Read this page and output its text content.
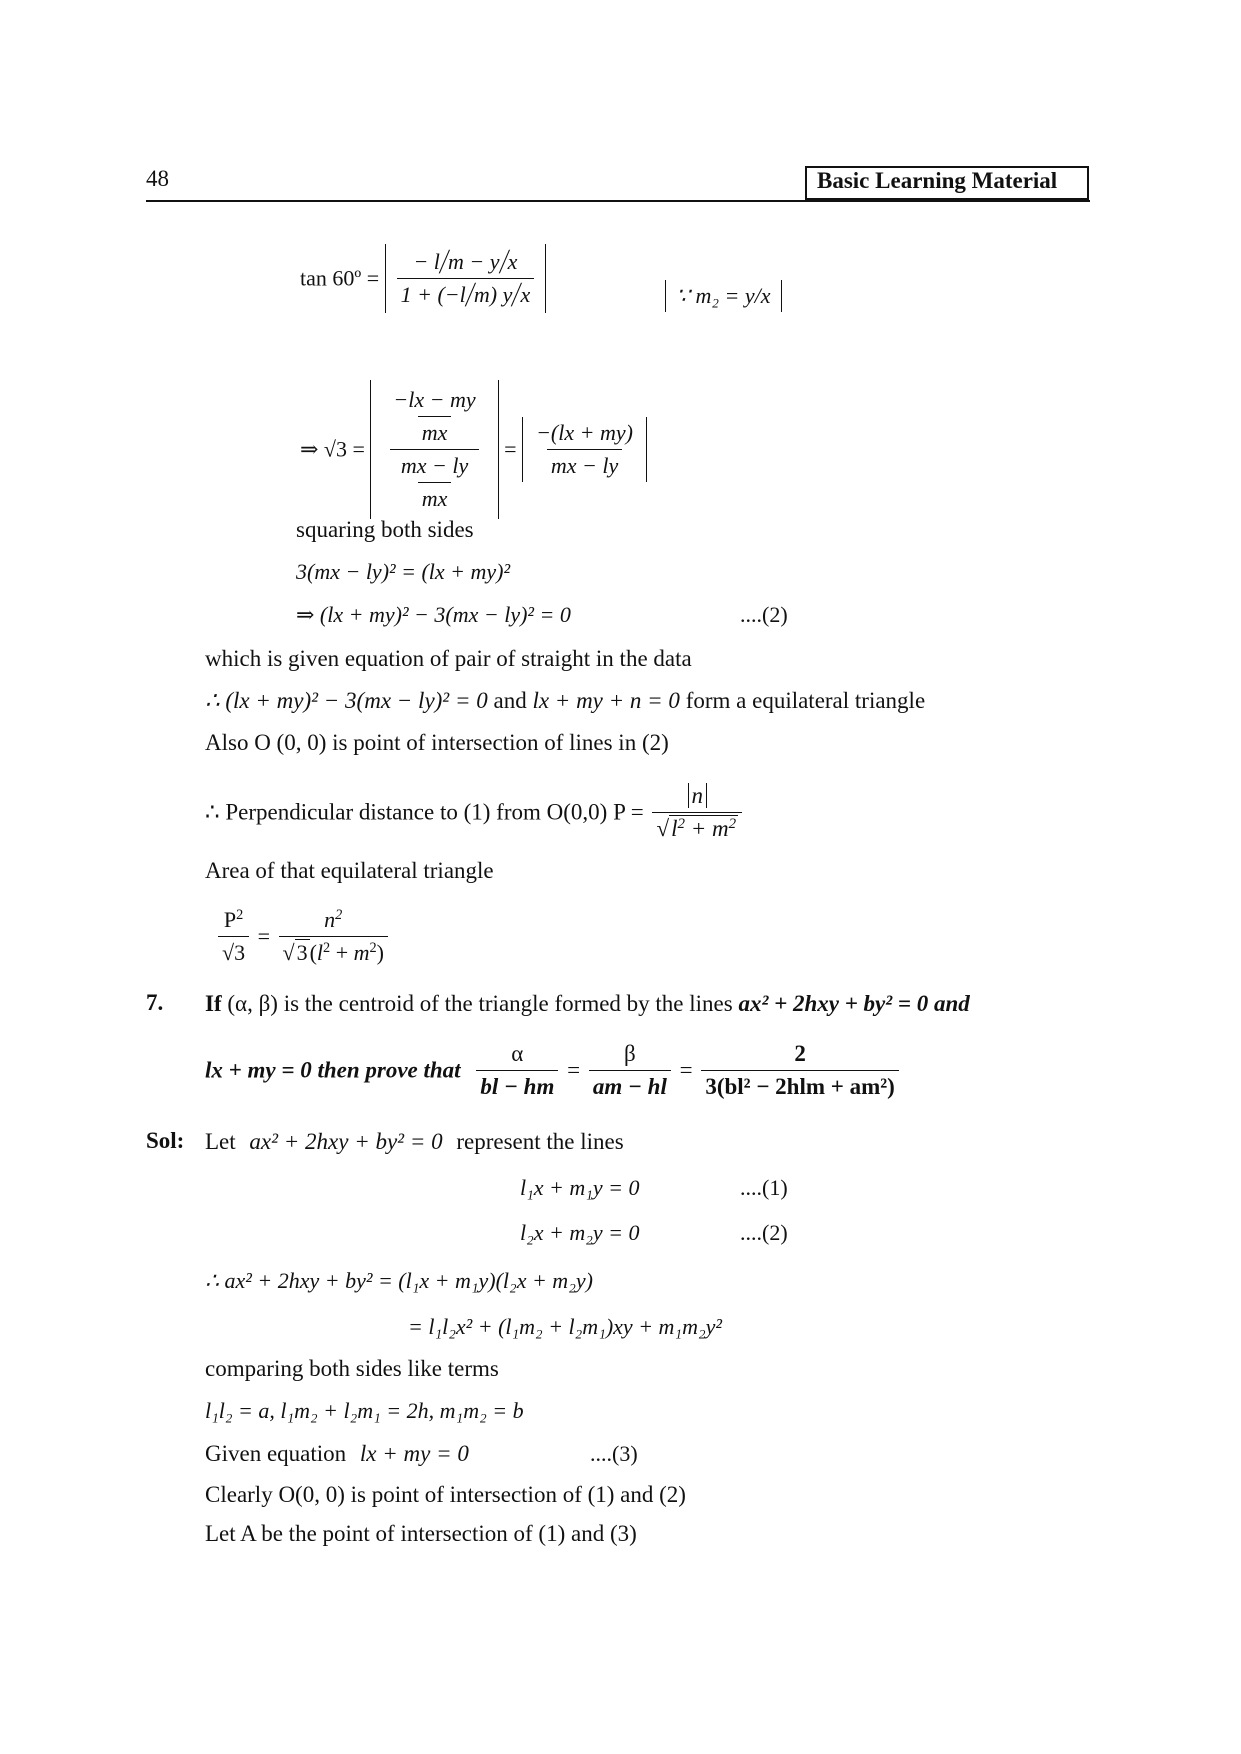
48	Basic Learning Material
tan 60º = $\frac{- l/m - y/x}{1 + (-l/m) y/x}$	∵ m₂ = y/x
⇒ $√3 = \frac{\frac{-lx - my}{mx}}{\frac{mx - ly}{mx}} = \frac{-(lx + my)}{mx - ly}$
squaring both sides
3(mx − ly)² = (lx + my)²
⇒ (lx + my)² − 3(mx − ly)² = 0	....(2)
which is given equation of pair of straight in the data
∴ (lx + my)² − 3(mx − ly)² = 0 and lx + my + n = 0 form a equilateral triangle
Also O (0, 0) is point of intersection of lines in (2)
∴ Perpendicular distance to (1) from O(0,0) $P = \frac{n}{√l^2 + m^2}$
Area of that equilateral triangle
$\frac{P^2}{√3} = \frac{n^2}{√3(l^2 + m^2)}$
7. If (α, β) is the centroid of the triangle formed by the lines ax² + 2hxy + by² = 0 and
lx + my = 0 then prove that $\frac{\alpha}{bl - hm} = \frac{\beta}{am - hl} = \frac{2}{\text{3(bl² − 2hlm + am²)}}$
Sol: Let ax² + 2hxy + by² = 0 represent the lines
l₁x + m₁y = 0	....(1)
l₂x + m₂y = 0	....(2)
∴ ax² + 2hxy + by² = (l₁x + m₁y)(l₂x + m₂y)
= l₁l₂x² + (l₁m₂ + l₂m₁)xy + m₁m₂y²
comparing both sides like terms
l₁l₂ = a, l₁m₂ + l₂m₁ = 2h, m₁m₂ = b
Given equation lx + my = 0	....(3)
Clearly O(0, 0) is point of intersection of (1) and (2)
Let A be the point of intersection of (1) and (3)
